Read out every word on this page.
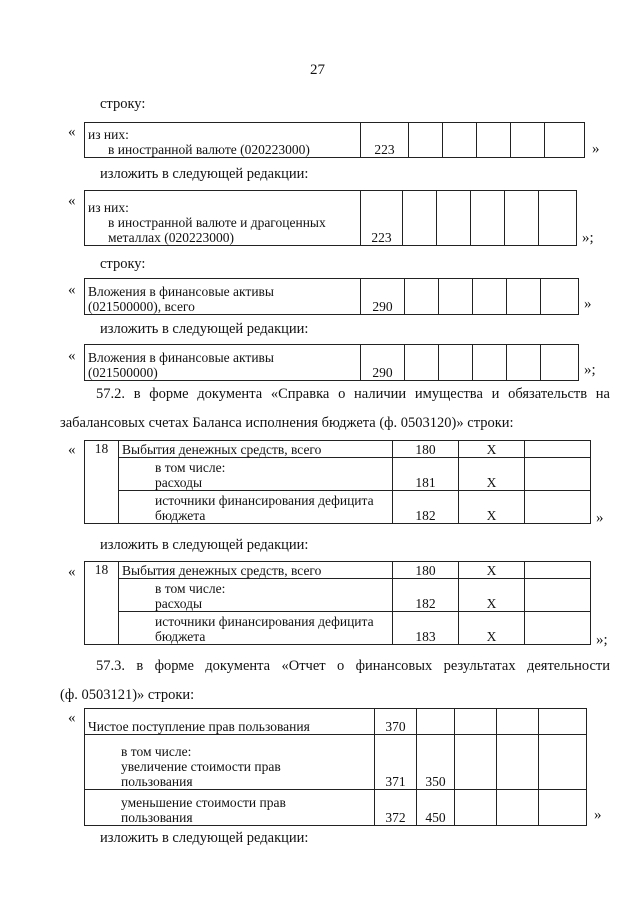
27
строку:
« из них:
в иностранной валюте (020223000)	223						»
изложить в следующей редакции:
« из них:
в иностранной валюте и драгоценных
металлах (020223000)	223						»;
строку:
« Вложения в финансовые активы
(021500000), всего	290						»
изложить в следующей редакции:
« Вложения в финансовые активы
(021500000)	290						»;
57.2. в форме документа «Справка о наличии имущества и обязательств на
забалансовых счетах Баланса исполнения бюджета (ф. 0503120)» строки:
« 18	Выбытия денежных средств, всего	180	X	

	в том числе:
расходы	181	X	

	источники финансирования дефицита
бюджета	182	X		»
изложить в следующей редакции:
« 18	Выбытия денежных средств, всего	180	X	

	в том числе:
расходы	182	X	

	источники финансирования дефицита
бюджета	183	X		»;
57.3. в форме документа «Отчет о финансовых результатах деятельности
(ф. 0503121)» строки:
«
Чистое поступление прав пользования	370				

в том числе:
увеличение стоимости прав
пользования	371	350			

уменьшение стоимости прав
пользования	372	450				»
изложить в следующей редакции:
